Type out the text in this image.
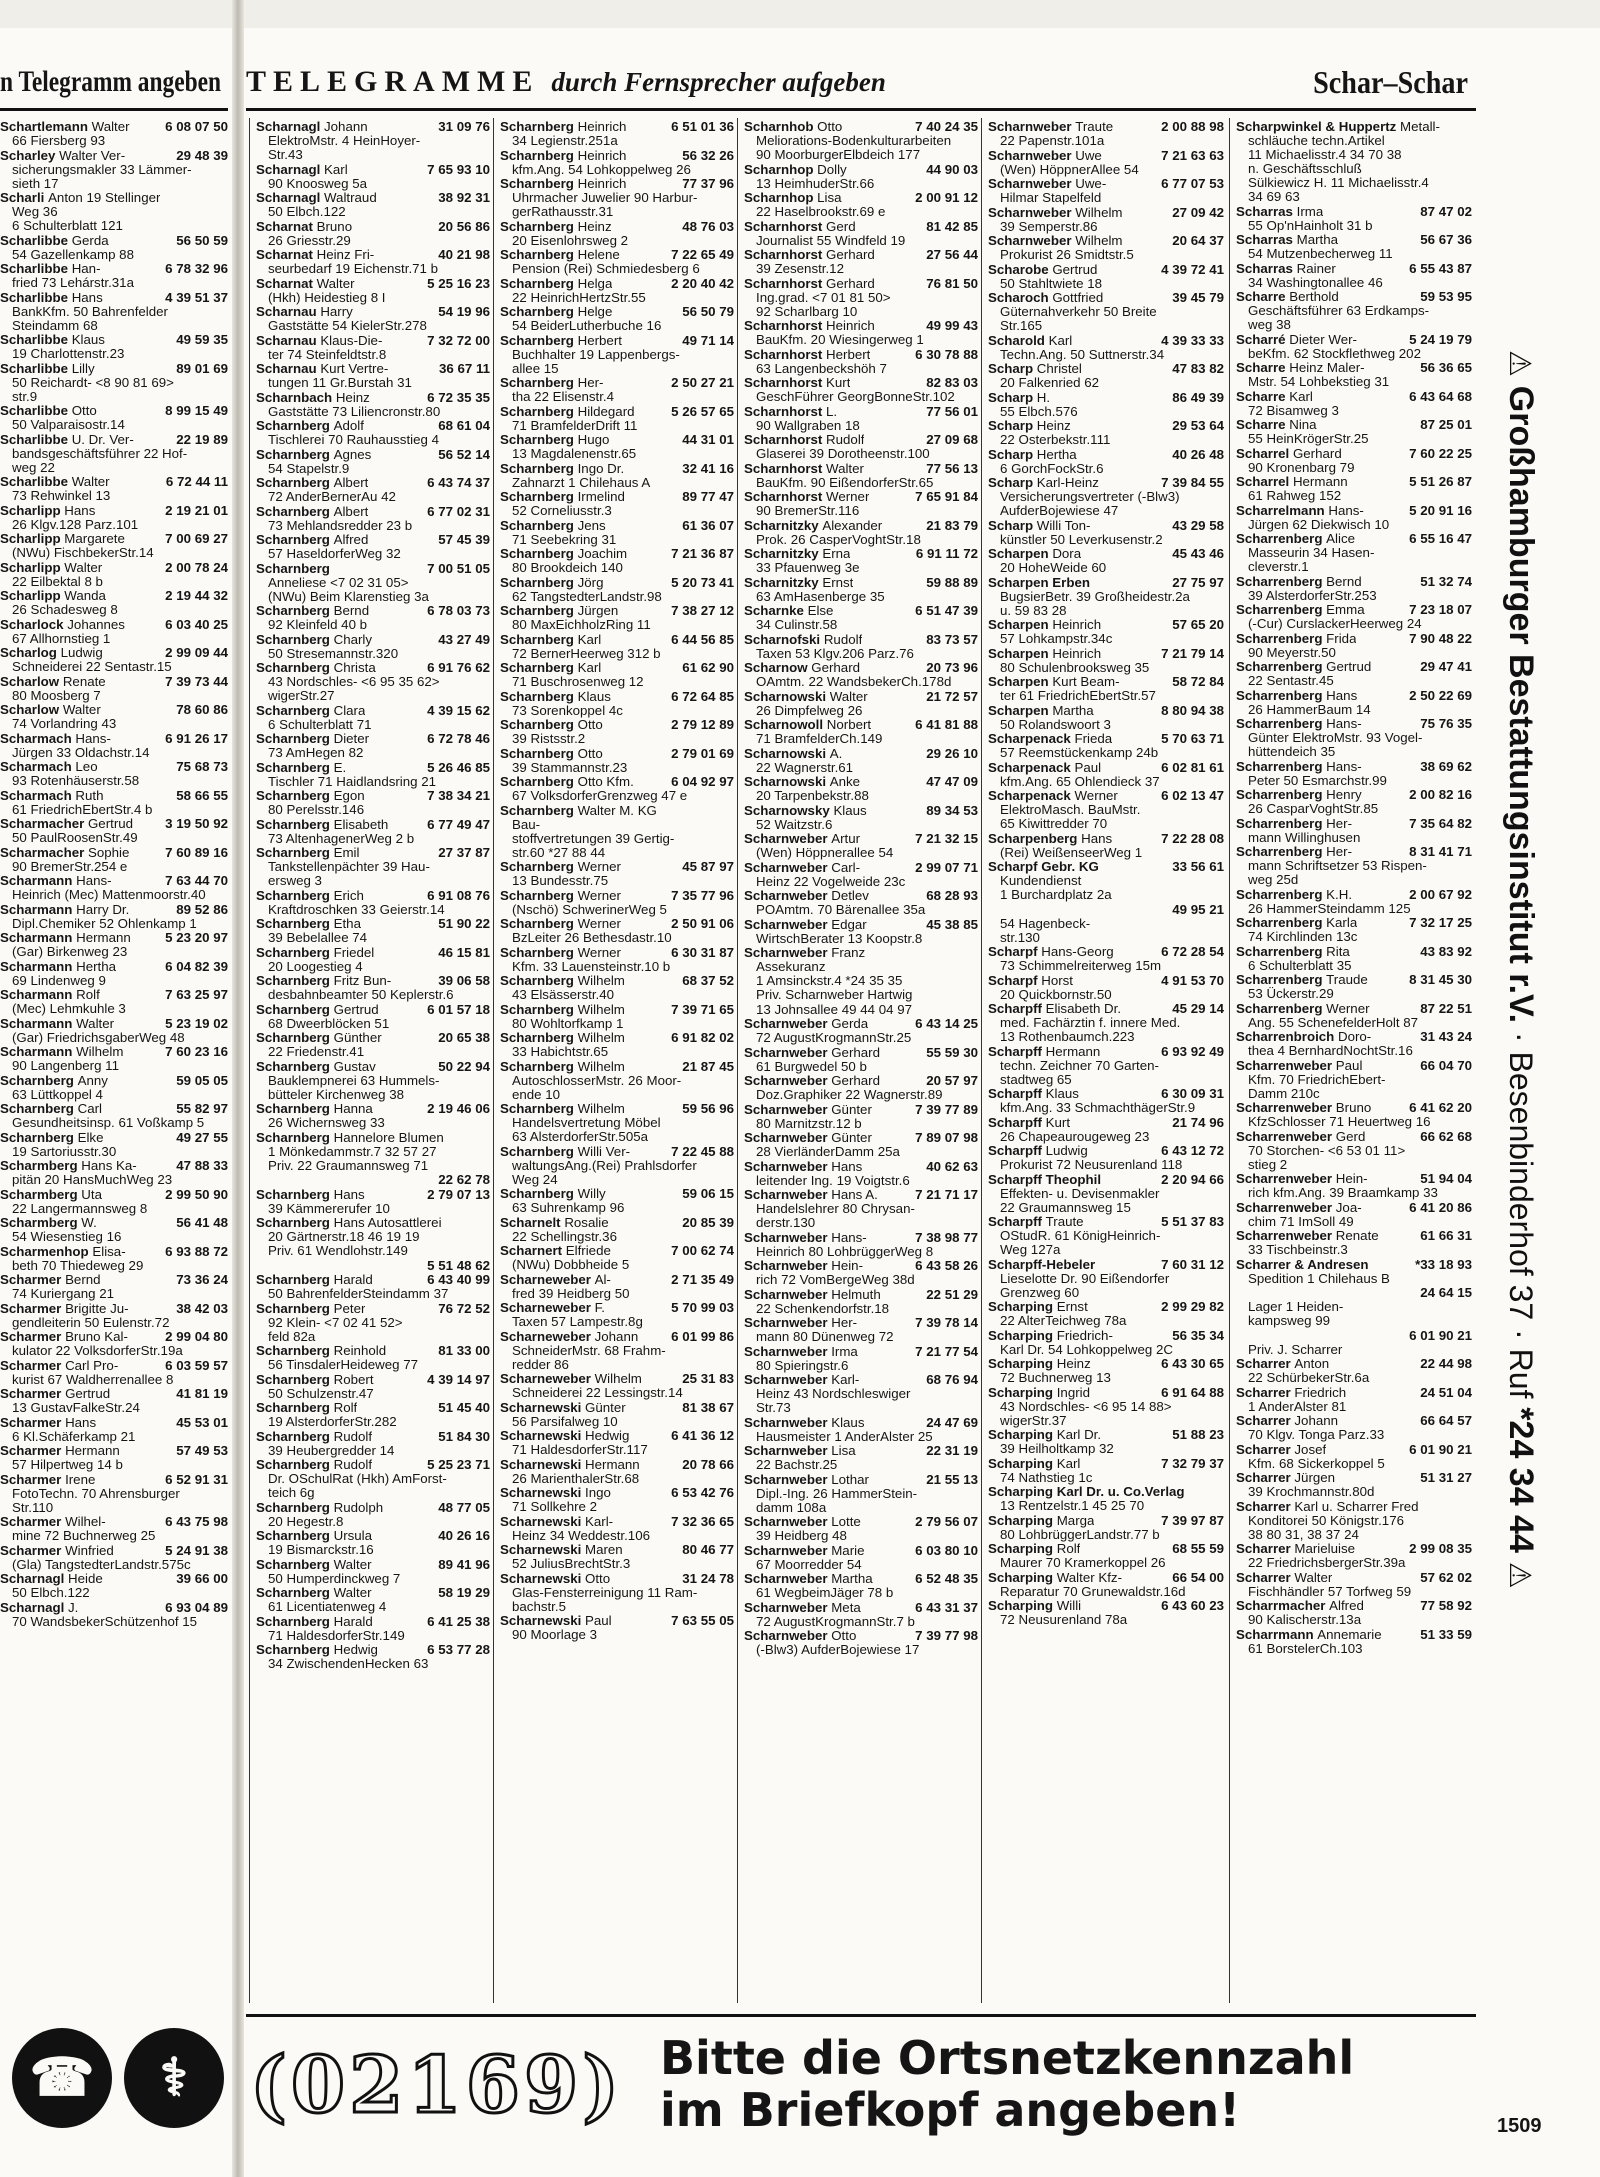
n Telegramm angeben TELEGRAMME durch Fernsprecher aufgeben	Schar–Schar
Schartlemann Walter	6 08 07 50
66 Fiersberg 93
Scharley Walter Ver-	29 48 39
sicherungsmakler 33 Lämmer-
sieth 17
Scharli Anton 19 Stellinger
Weg 36
6 Schulterblatt 121
Scharlibbe Gerda	56 50 59
54 Gazellenkamp 88
Scharlibbe Han-	6 78 32 96
fried 73 Lehárstr.31a
Scharlibbe Hans	4 39 51 37
BankKfm. 50 Bahrenfelder
Steindamm 68
Scharlibbe Klaus	49 59 35
19 Charlottenstr.23
Scharlibbe Lilly	89 01 69
50 Reichardt- <8 90 81 69>
str.9
Scharlibbe Otto	8 99 15 49
50 Valparaisostr.14
Scharlibbe U. Dr. Ver-	22 19 89
bandsgeschäftsführer 22 Hof-
weg 22
Scharlibbe Walter	6 72 44 11
73 Rehwinkel 13
Scharlipp Hans	2 19 21 01
26 Klgv.128 Parz.101
Scharlipp Margarete	7 00 69 27
(NWu) FischbekerStr.14
Scharlipp Walter	2 00 78 24
22 Eilbektal 8 b
Scharlipp Wanda	2 19 44 32
26 Schadesweg 8
Scharlock Johannes	6 03 40 25
67 Allhornstieg 1
Scharlog Ludwig	2 99 09 44
Schneiderei 22 Sentastr.15
Scharlow Renate	7 39 73 44
80 Moosberg 7
Scharlow Walter	78 60 86
74 Vorlandring 43
Scharmach Hans-	6 91 26 17
Jürgen 33 Oldachstr.14
Scharmach Leo	75 68 73
93 Rotenhäuserstr.58
Scharmach Ruth	58 66 55
61 FriedrichEbertStr.4 b
Scharmacher Gertrud 3 19 50 92
50 PaulRoosenStr.49
Scharmacher Sophie	7 60 89 16
90 BremerStr.254 e
Scharmann Hans-	7 63 44 70
Heinrich (Mec) Mattenmoorstr.40
Scharmann Harry Dr.	89 52 86
Dipl.Chemiker 52 Ohlenkamp 1
Scharmann Hermann	5 23 20 97
(Gar) Birkenweg 23
Scharmann Hertha	6 04 82 39
69 Lindenweg 9
Scharmann Rolf	7 63 25 97
(Mec) Lehmkuhle 3
Scharmann Walter	5 23 19 02
(Gar) FriedrichsgaberWeg 48
Scharmann Wilhelm	7 60 23 16
90 Langenberg 11
Scharnberg Anny	59 05 05
63 Lüttkoppel 4
Scharnberg Carl	55 82 97
Gesundheitsinsp. 61 Voßkamp 5
Scharnberg Elke	49 27 55
19 Sartoriusstr.30
Scharmberg Hans Ka-	47 88 33
pitän 20 HansMuchWeg 23
Scharmberg Uta	2 99 50 90
22 Langermannsweg 8
Scharmberg W.	56 41 48
54 Wiesenstieg 16
Scharmenhop Elisa-	6 93 88 72
beth 70 Thiedeweg 29
Scharmer Bernd	73 36 24
74 Kuriergang 21
Scharmer Brigitte Ju-	38 42 03
gendleiterin 50 Eulenstr.72
Scharmer Bruno Kal-	2 99 04 80
kulator 22 VolksdorferStr.19a
Scharmer Carl Pro-	6 03 59 57
kurist 67 Waldherrenallee 8
Scharmer Gertrud	41 81 19
13 GustavFalkeStr.24
Scharmer Hans	45 53 01
6 Kl.Schäferkamp 21
Scharmer Hermann	57 49 53
57 Hilpertweg 14 b
Scharmer Irene	6 52 91 31
FotoTechn. 70 Ahrensburger
Str.110
Scharmer Wilhel-	6 43 75 98
mine 72 Buchnerweg 25
Scharmer Winfried	5 24 91 38
(Gla) TangstedterLandstr.575c
Scharnagl Heide	39 66 00
50 Elbch.122
Scharnagl J.	6 93 04 89
70 WandsbekerSchützenhof 15
Scharnagl Johann	31 09 76
ElektroMstr. 4 HeinHoyer-
Str.43
Scharnagl Karl	7 65 93 10
90 Knoosweg 5a
Scharnagl Waltraud	38 92 31
50 Elbch.122
Scharnat Bruno	20 56 86
26 Griesstr.29
Scharnat Heinz Fri-	40 21 98
seurbedarf 19 Eichenstr.71 b
Scharnat Walter	5 25 16 23
(Hkh) Heidestieg 8 I
Scharnau Harry	54 19 96
Gaststätte 54 KielerStr.278
Scharnau Klaus-Die-	7 32 72 00
ter 74 Steinfeldtstr.8
Scharnau Kurt Vertre-	36 67 11
tungen 11 Gr.Burstah 31
Scharnbach Heinz	6 72 35 35
Gaststätte 73 Liliencronstr.80
Scharnberg Adolf	68 61 04
Tischlerei 70 Rauhausstieg 4
Scharnberg Agnes	56 52 14
54 Stapelstr.9
Scharnberg Albert	6 43 74 37
72 AnderBernerAu 42
Scharnberg Albert	6 77 02 31
73 Mehlandsredder 23 b
Scharnberg Alfred	57 45 39
57 HaseldorferWeg 32
Scharnberg	7 00 51 05
Anneliese <7 02 31 05>
(NWu) Beim Klarenstieg 3a
Scharnberg Bernd	6 78 03 73
92 Kleinfeld 40 b
Scharnberg Charly	43 27 49
50 Stresemannstr.320
Scharnberg Christa	6 91 76 62
43 Nordschles- <6 95 35 62>
wigerStr.27
Scharnberg Clara	4 39 15 62
6 Schulterblatt 71
Scharnberg Dieter	6 72 78 46
73 AmHegen 82
Scharnberg E.	5 26 46 85
Tischler 71 Haidlandsring 21
Scharnberg Egon	7 38 34 21
80 Perelsstr.146
Scharnberg Elisabeth	6 77 49 47
73 AltenhagenerWeg 2 b
Scharnberg Emil	27 37 87
Tankstellenpächter 39 Hau-
ersweg 3
Scharnberg Erich	6 91 08 76
Kraftdroschken 33 Geierstr.14
Scharnberg Etha	51 90 22
39 Bebelallee 74
Scharnberg Friedel	46 15 81
20 Loogestieg 4
Scharnberg Fritz Bun-	39 06 58
desbahnbeamter 50 Keplerstr.6
Scharnberg Gertrud	6 01 57 18
68 Dweerblöcken 51
Scharnberg Günther	20 65 38
22 Friedenstr.41
Scharnberg Gustav	50 22 94
Bauklempnerei 63 Hummels-
bütteler Kirchenweg 38
Scharnberg Hanna	2 19 46 06
26 Wichernsweg 33
Scharnberg Hannelore Blumen
1 Mönkedammstr.7 32 57 27
Priv. 22 Graumannsweg 71
22 62 78
Scharnberg Hans	2 79 07 13
39 Kämmererufer 10
Scharnberg Hans Autosattlerei
20 Gärtnerstr.18 46 19 19
Priv. 61 Wendlohstr.149
5 51 48 62
Scharnberg Harald	6 43 40 99
50 BahrenfelderSteindamm 37
Scharnberg Peter	76 72 52
92 Klein- <7 02 41 52>
feld 82a
Scharnberg Reinhold	81 33 00
56 TinsdalerHeideweg 77
Scharnberg Robert	4 39 14 97
50 Schulzenstr.47
Scharnberg Rolf	51 45 40
19 AlsterdorferStr.282
Scharnberg Rudolf	51 84 30
39 Heubergredder 14
Scharnberg Rudolf	5 25 23 71
Dr. OSchulRat (Hkh) AmForst-
teich 6g
Scharnberg Rudolph	48 77 05
20 Hegestr.8
Scharnberg Ursula	40 26 16
19 Bismarckstr.16
Scharnberg Walter	89 41 96
50 Humperdinckweg 7
Scharnberg Walter	58 19 29
61 Licentiatenweg 4
Scharnberg Harald	6 41 25 38
71 HaldesdorferStr.149
Scharnberg Hedwig	6 53 77 28
34 ZwischendenHecken 63
Scharnberg Heinrich	6 51 01 36
34 Legienstr.251a
Scharnberg Heinrich	56 32 26
kfm.Ang. 54 Lohkoppelweg 26
Scharnberg Heinrich	77 37 96
Uhrmacher Juwelier 90 Harbur-
gerRathausstr.31
Scharnberg Heinz	48 76 03
20 Eisenlohrsweg 2
Scharnberg Helene	7 22 65 49
Pension (Rei) Schmiedesberg 6
Scharnberg Helga	2 20 40 42
22 HeinrichHertzStr.55
Scharnberg Helge	56 50 79
54 BeiderLutherbuche 16
Scharnberg Herbert	49 71 14
Buchhalter 19 Lappenbergs-
allee 15
Scharnberg Her-	2 50 27 21
tha 22 Elisenstr.4
Scharnberg Hildegard	5 26 57 65
71 BramfelderDrift 11
Scharnberg Hugo	44 31 01
13 Magdalenenstr.65
Scharnberg Ingo Dr.	32 41 16
Zahnarzt 1 Chilehaus A
Scharnberg Irmelind	89 77 47
52 Corneliusstr.3
Scharnberg Jens	61 36 07
71 Seebekring 31
Scharnberg Joachim	7 21 36 87
80 Brookdeich 140
Scharnberg Jörg	5 20 73 41
62 TangstedterLandstr.98
Scharnberg Jürgen	7 38 27 12
80 MaxEichholzRing 11
Scharnberg Karl	6 44 56 85
72 BernerHeerweg 312 b
Scharnberg Karl	61 62 90
71 Buschrosenweg 12
Scharnberg Klaus	6 72 64 85
73 Sorenkoppel 4c
Scharnberg Otto	2 79 12 89
39 Ristsstr.2
Scharnberg Otto	2 79 01 69
39 Stammannstr.23
Scharnberg Otto Kfm.	6 04 92 97
67 VolksdorferGrenzweg 47 e
Scharnberg Walter M. KG
Bau-
stoffvertretungen 39 Gertig-
str.60 *27 88 44
Scharnberg Werner	45 87 97
13 Bundesstr.75
Scharnberg Werner	7 35 77 96
(Nschö) SchwerinerWeg 5
Scharnberg Werner	2 50 91 06
BzLeiter 26 Bethesdastr.10
Scharnberg Werner	6 30 31 87
Kfm. 33 Lauensteinstr.10 b
Scharnberg Wilhelm	68 37 52
43 Elsässerstr.40
Scharnberg Wilhelm	7 39 71 65
80 Wohltorfkamp 1
Scharnberg Wilhelm	6 91 82 02
33 Habichtstr.65
Scharnberg Wilhelm	21 87 45
AutoschlosserMstr. 26 Moor-
ende 10
Scharnberg Wilhelm	59 56 96
Handelsvertretung Möbel
63 AlsterdorferStr.505a
Scharnberg Willi Ver-	7 22 45 88
waltungsAng.(Rei) Prahlsdorfer
Weg 24
Scharnberg Willy	59 06 15
63 Suhrenkamp 96
Scharnelt Rosalie	20 85 39
22 Schellingstr.36
Scharnert Elfriede	7 00 62 74
(NWu) Dobbheide 5
Scharneweber Al-	2 71 35 49
fred 39 Heidberg 50
Scharneweber F.	5 70 99 03
Taxen 57 Lampestr.8g
Scharneweber Johann 6 01 99 86
SchneiderMstr. 68 Frahm-
redder 86
Scharneweber Wilhelm	25 31 83
Schneiderei 22 Lessingstr.14
Scharnewski Günter	81 38 67
56 Parsifalweg 10
Scharnewski Hedwig	6 41 36 12
71 HaldesdorferStr.117
Scharnewski Hermann	20 78 66
26 MarienthalerStr.68
Scharnewski Ingo	6 53 42 76
71 Sollkehre 2
Scharnewski Karl-	7 32 36 65
Heinz 34 Weddestr.106
Scharnewski Maren	80 46 77
52 JuliusBrechtStr.3
Scharnewski Otto	31 24 78
Glas-Fensterreinigung 11 Ram-
bachstr.5
Scharnewski Paul	7 63 55 05
90 Moorlage 3
Scharnhob Otto	7 40 24 35
Meliorations-Bodenkulturarbeiten
90 MoorburgerElbdeich 177
Scharnhop Dolly	44 90 03
13 HeimhuderStr.66
Scharnhop Lisa	2 00 91 12
22 Haselbrookstr.69 e
Scharnhorst Gerd	81 42 85
Journalist 55 Windfeld 19
Scharnhorst Gerhard	27 56 44
39 Zesenstr.12
Scharnhorst Gerhard	76 81 50
Ing.grad. <7 01 81 50>
92 Scharlbarg 10
Scharnhorst Heinrich	49 99 43
BauKfm. 20 Wiesingerweg 1
Scharnhorst Herbert	6 30 78 88
63 Langenbeckshöh 7
Scharnhorst Kurt	82 83 03
GeschFührer GeorgBonneStr.102
Scharnhorst L.	77 56 01
90 Wallgraben 18
Scharnhorst Rudolf	27 09 68
Glaserei 39 Dorotheenstr.100
Scharnhorst Walter	77 56 13
BauKfm. 90 EißendorferStr.65
Scharnhorst Werner	7 65 91 84
90 BremerStr.116
Scharnitzky Alexander	21 83 79
Prok. 26 CasperVoghtStr.18
Scharnitzky Erna	6 91 11 72
33 Pfauenweg 3e
Scharnitzky Ernst	59 88 89
63 AmHasenberge 35
Scharnke Else	6 51 47 39
34 Culinstr.58
Scharnofski Rudolf	83 73 57
Taxen 53 Klgv.206 Parz.76
Scharnow Gerhard	20 73 96
OAmtm. 22 WandsbekerCh.178d
Scharnowski Walter	21 72 57
26 Dimpfelweg 26
Scharnowoll Norbert	6 41 81 88
71 BramfelderCh.149
Scharnowski A.	29 26 10
22 Wagnerstr.61
Scharnowski Anke	47 47 09
20 Tarpenbekstr.88
Scharnowsky Klaus	89 34 53
52 Waitzstr.6
Scharnweber Artur	7 21 32 15
(Wen) Höppnerallee 54
Scharnweber Carl-	2 99 07 71
Heinz 22 Vogelweide 23c
Scharnweber Detlev	68 28 93
POAmtm. 70 Bärenallee 35a
Scharnweber Edgar	45 38 85
WirtschBerater 13 Koopstr.8
Scharnweber Franz
Assekuranz
1 Amsinckstr.4 *24 35 35
Priv. Scharnweber Hartwig
13 Johnsallee 49 44 04 97
Scharnweber Gerda	6 43 14 25
72 AugustKrogmannStr.25
Scharnweber Gerhard	55 59 30
61 Burgwedel 50 b
Scharnweber Gerhard	20 57 97
Doz.Graphiker 22 Wagnerstr.89
Scharnweber Günter	7 39 77 89
80 Marnitzstr.12 b
Scharnweber Günter	7 89 07 98
28 VierländerDamm 25a
Scharnweber Hans	40 62 63
leitender Ing. 19 Voigtstr.6
Scharnweber Hans A.	7 21 71 17
Handelslehrer 80 Chrysan-
derstr.130
Scharnweber Hans-	7 38 98 77
Heinrich 80 LohbrüggerWeg 8
Scharnweber Hein-	6 43 58 26
rich 72 VomBergeWeg 38d
Scharnweber Helmuth	22 51 29
22 Schenkendorfstr.18
Scharnweber Her-	7 39 78 14
mann 80 Dünenweg 72
Scharnweber Irma	7 21 77 54
80 Spieringstr.6
Scharnweber Karl-	68 76 94
Heinz 43 Nordschleswiger
Str.73
Scharnweber Klaus	24 47 69
Hausmeister 1 AnderAlster 25
Scharnweber Lisa	22 31 19
22 Bachstr.25
Scharnweber Lothar	21 55 13
Dipl.-Ing. 26 HammerStein-
damm 108a
Scharnweber Lotte	2 79 56 07
39 Heidberg 48
Scharnweber Marie	6 03 80 10
67 Moorredder 54
Scharnweber Martha	6 52 48 35
61 WegbeimJäger 78 b
Scharnweber Meta	6 43 31 37
72 AugustKrogmannStr.7 b
Scharnweber Otto	7 39 77 98
(-Blw3) AufderBojewiese 17
Scharnweber Traute	2 00 88 98
22 Papenstr.101a
Scharnweber Uwe	7 21 63 63
(Wen) HöppnerAllee 54
Scharnweber Uwe-	6 77 07 53
Hilmar Stapelfeld
Scharnweber Wilhelm	27 09 42
39 Semperstr.86
Scharnweber Wilhelm	20 64 37
Prokurist 26 Smidtstr.5
Scharobe Gertrud	4 39 72 41
50 Stahltwiete 18
Scharoch Gottfried	39 45 79
Güternahverkehr 50 Breite
Str.165
Scharold Karl	4 39 33 33
Techn.Ang. 50 Suttnerstr.34
Scharp Christel	47 83 82
20 Falkenried 62
Scharp H.	86 49 39
55 Elbch.576
Scharp Heinz	29 53 64
22 Osterbekstr.111
Scharp Hertha	40 26 48
6 GorchFockStr.6
Scharp Karl-Heinz	7 39 84 55
Versicherungsvertreter (-Blw3)
AufderBojewiese 47
Scharp Willi Ton-	43 29 58
künstler 50 Leverkusenstr.2
Scharpen Dora	45 43 46
20 HoheWeide 60
Scharpen Erben	27 75 97
BugsierBetr. 39 Großheidestr.2a
u. 59 83 28
Scharpen Heinrich	57 65 20
57 Lohkampstr.34c
Scharpen Heinrich	7 21 79 14
80 Schulenbrooksweg 35
Scharpen Kurt Beam-	58 72 84
ter 61 FriedrichEbertStr.57
Scharpen Martha	8 80 94 38
50 Rolandswoort 3
Scharpenack Frieda	5 70 63 71
57 Reemstückenkamp 24b
Scharpenack Paul	6 02 81 61
kfm.Ang. 65 Ohlendieck 37
Scharpenack Werner	6 02 13 47
ElektroMasch. BauMstr.
65 Kiwittredder 70
Scharpenberg Hans	7 22 28 08
(Rei) WeißenseerWeg 1
Scharpf Gebr. KG	33 56 61
Kundendienst
1 Burchardplatz 2a
49 95 21
54 Hagenbeck-
str.130
Scharpf Hans-Georg	6 72 28 54
73 Schimmelreiterweg 15m
Scharpf Horst	4 91 53 70
20 Quickbornstr.50
Scharpff Elisabeth Dr.	45 29 14
med. Fachärztin f. innere Med.
13 Rothenbaumch.223
Scharpff Hermann	6 93 92 49
techn. Zeichner 70 Garten-
stadtweg 65
Scharpff Klaus	6 30 09 31
kfm.Ang. 33 SchmachthägerStr.9
Scharpff Kurt	21 74 96
26 Chapeaurougeweg 23
Scharpff Ludwig	6 43 12 72
Prokurist 72 Neusurenland 118
Scharpff Theophil	2 20 94 66
Effekten- u. Devisenmakler
22 Graumannsweg 15
Scharpff Traute	5 51 37 83
OStudR. 61 KönigHeinrich-
Weg 127a
Scharpff-Hebeler	7 60 31 12
Lieselotte Dr. 90 Eißendorfer
Grenzweg 60
Scharping Ernst	2 99 29 82
22 AlterTeichweg 78a
Scharping Friedrich-	56 35 34
Karl Dr. 54 Lohkoppelweg 2C
Scharping Heinz	6 43 30 65
72 Buchnerweg 13
Scharping Ingrid	6 91 64 88
43 Nordschles- <6 95 14 88>
wigerStr.37
Scharping Karl Dr.	51 88 23
39 Heilholtkamp 32
Scharping Karl	7 32 79 37
74 Nathstieg 1c
Scharping Karl Dr. u. Co.Verlag
13 Rentzelstr.1 45 25 70
Scharping Marga	7 39 97 87
80 LohbrüggerLandstr.77 b
Scharping Rolf	68 55 59
Maurer 70 Kramerkoppel 26
Scharping Walter Kfz-	66 54 00
Reparatur 70 Grunewaldstr.16d
Scharping Willi	6 43 60 23
72 Neusurenland 78a
Scharpwinkel & Huppertz Metall-
schläuche techn.Artikel
11 Michaelisstr.4 34 70 38
n. Geschäftsschluß
Sülkiewicz H. 11 Michaelisstr.4
34 69 63
Scharras Irma	87 47 02
55 Op'nHainholt 31 b
Scharras Martha	56 67 36
54 Mutzenbecherweg 11
Scharras Rainer	6 55 43 87
34 Washingtonallee 46
Scharre Berthold	59 53 95
Geschäftsführer 63 Erdkamps-
weg 38
Scharré Dieter Wer-	5 24 19 79
beKfm. 62 Stockflethweg 202
Scharre Heinz Maler-	56 36 65
Mstr. 54 Lohbekstieg 31
Scharre Karl	6 43 64 68
72 Bisamweg 3
Scharre Nina	87 25 01
55 HeinKrögerStr.25
Scharrel Gerhard	7 60 22 25
90 Kronenbarg 79
Scharrel Hermann	5 51 26 87
61 Rahweg 152
Scharrelmann Hans-	5 20 91 16
Jürgen 62 Diekwisch 10
Scharrenberg Alice	6 55 16 47
Masseurin 34 Hasen-
cleverstr.1
Scharrenberg Bernd	51 32 74
39 AlsterdorferStr.253
Scharrenberg Emma	7 23 18 07
(-Cur) CurslackerHeerweg 24
Scharrenberg Frida	7 90 48 22
90 Meyerstr.50
Scharrenberg Gertrud	29 47 41
22 Sentastr.45
Scharrenberg Hans	2 50 22 69
26 HammerBaum 14
Scharrenberg Hans-	75 76 35
Günter ElektroMstr. 93 Vogel-
hüttendeich 35
Scharrenberg Hans-	38 69 62
Peter 50 Esmarchstr.99
Scharrenberg Henry	2 00 82 16
26 CasparVoghtStr.85
Scharrenberg Her-	7 35 64 82
mann Willinghusen
Scharrenberg Her-	8 31 41 71
mann Schriftsetzer 53 Rispen-
weg 25d
Scharrenberg K.H.	2 00 67 92
26 HammerSteindamm 125
Scharrenberg Karla	7 32 17 25
74 Kirchlinden 13c
Scharrenberg Rita	43 83 92
6 Schulterblatt 35
Scharrenberg Traude	8 31 45 30
53 Ückerstr.29
Scharrenberg Werner	87 22 51
Ang. 55 SchenefelderHolt 87
Scharrenbroich Doro-	31 43 24
thea 4 BernhardNochtStr.16
Scharrenweber Paul	66 04 70
Kfm. 70 FriedrichEbert-
Damm 210c
Scharrenweber Bruno	6 41 62 20
KfzSchlosser 71 Heuertweg 16
Scharrenweber Gerd	66 62 68
70 Storchen- <6 53 01 11>
stieg 2
Scharrenweber Hein-	51 94 04
rich kfm.Ang. 39 Braamkamp 33
Scharrenweber Joa-	6 41 20 86
chim 71 ImSoll 49
Scharrenweber Renate	61 66 31
33 Tischbeinstr.3
Scharrer & Andresen	*33 18 93
Spedition 1 Chilehaus B
24 64 15
Lager 1 Heiden-
kampsweg 99
6 01 90 21
Priv. J. Scharrer
Scharrer Anton	22 44 98
22 SchürbekerStr.6a
Scharrer Friedrich	24 51 04
1 AnderAlster 81
Scharrer Johann	66 64 57
70 Klgv. Tonga Parz.33
Scharrer Josef	6 01 90 21
Kfm. 68 Sickerkoppel 5
Scharrer Jürgen	51 31 27
39 Krochmannstr.80d
Scharrer Karl u. Scharrer Fred
Konditorei 50 Königstr.176
38 80 31, 38 37 24
Scharrer Marieluise	2 99 08 35
22 FriedrichsbergerStr.39a
Scharrer Walter	57 62 02
Fischhändler 57 Torfweg 59
Scharrmacher Alfred	77 58 92
90 Kalischerstr.13a
Scharrmann Annemarie	51 33 59
61 BorstelerCh.103
⚠ Großhamburger Bestattungsinstitut r.V. · Besenbinderhof 37 · Ruf *24 34 44 ⚠
☎	⚕ (02169) Bitte die Ortsnetzkennzahl
im Briefkopf angeben!	1509
